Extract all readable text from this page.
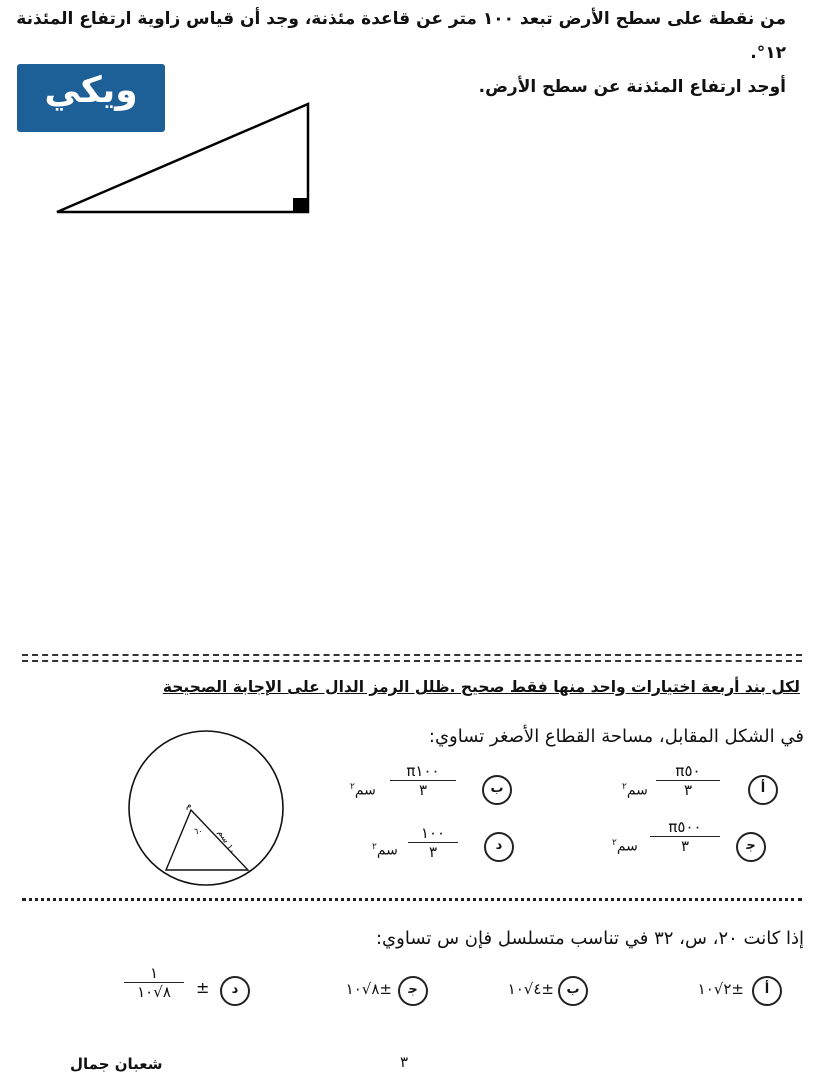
من نقطة على سطح الأرض تبعد ١٠٠ متر عن قاعدة مئذنة، وجد أن قياس زاوية ارتفاع المئذنة ١٢°.
أوجد ارتفاع المئذنة عن سطح الأرض.
ويكي
لكل بند أربعة اختيارات واحد منها فقط صحيح .ظلل الرمز الدال على الإجابة الصحيحة
في الشكل المقابل، مساحة القطاع الأصغر تساوي:
م
١٠ سم
٦٠
أ
π٥٠
٣
سم$^٢$
ب
π١٠٠
٣
سم$^٢$
ﺟ
π٥٠٠
٣
سم$^٢$
د
١٠٠
٣
سم$^٢$
إذا كانت ٢٠، س، ٣٢ في تناسب متسلسل فإن س تساوي:
أ
±٢√١٠
ب
±٤√١٠
ﺟ
±٨√١٠
د
±
١
٨√١٠
٣
شعبان جمال
